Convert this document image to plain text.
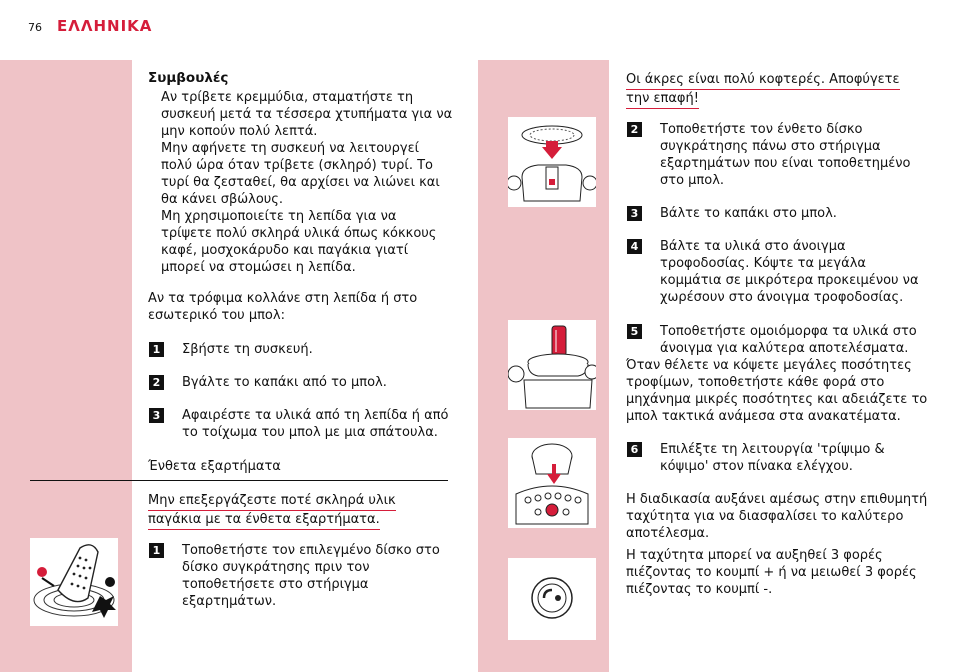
76 ΕΛΛΗΝΙΚΑ
Συμβουλές
Αν τρίβετε κρεμμύδια, σταματήστε τη
συσκευή μετά τα τέσσερα χτυπήματα για να
μην κοπούν πολύ λεπτά.
Μην αφήνετε τη συσκευή να λειτουργεί
πολύ ώρα όταν τρίβετε (σκληρό) τυρί. Το
τυρί θα ζεσταθεί, θα αρχίσει να λιώνει και
θα κάνει σβώλους.
Μη χρησιμοποιείτε τη λεπίδα για να
τρίψετε πολύ σκληρά υλικά όπως κόκκους
καφέ, μοσχοκάρυδο και παγάκια γιατί
μπορεί να στομώσει η λεπίδα.
Αν τα τρόφιμα κολλάνε στη λεπίδα ή στο
εσωτερικό του μπολ:
1 Σβήστε τη συσκευή.
2 Βγάλτε το καπάκι από το μπολ.
3 Αφαιρέστε τα υλικά από τη λεπίδα ή από
το τοίχωμα του μπολ με μια σπάτουλα.
Ένθετα εξαρτήματα
Μην επεξεργάζεστε ποτέ σκληρά υλικ
παγάκια με τα ένθετα εξαρτήματα.
1 Τοποθετήστε τον επιλεγμένο δίσκο στο
δίσκο συγκράτησης πριν τον
τοποθετήσετε στο στήριγμα
εξαρτημάτων.
Οι άκρες είναι πολύ κοφτερές. Αποφύγετε
την επαφή!
2 Τοποθετήστε τον ένθετο δίσκο
συγκράτησης πάνω στο στήριγμα
εξαρτημάτων που είναι τοποθετημένο
στο μπολ.
3 Βάλτε το καπάκι στο μπολ.
4 Βάλτε τα υλικά στο άνοιγμα
τροφοδοσίας. Κόψτε τα μεγάλα
κομμάτια σε μικρότερα προκειμένου να
χωρέσουν στο άνοιγμα τροφοδοσίας.
5 Τοποθετήστε ομοιόμορφα τα υλικά στο
άνοιγμα για καλύτερα αποτελέσματα.
Όταν θέλετε να κόψετε μεγάλες ποσότητες
τροφίμων, τοποθετήστε κάθε φορά στο
μηχάνημα μικρές ποσότητες και αδειάζετε το
μπολ τακτικά ανάμεσα στα ανακατέματα.
6 Επιλέξτε τη λειτουργία 'τρίψιμο &
κόψιμο' στον πίνακα ελέγχου.
Η διαδικασία αυξάνει αμέσως στην επιθυμητή
ταχύτητα για να διασφαλίσει το καλύτερο
αποτέλεσμα.
Η ταχύτητα μπορεί να αυξηθεί 3 φορές
πιέζοντας το κουμπί + ή να μειωθεί 3 φορές
πιέζοντας το κουμπί -.
